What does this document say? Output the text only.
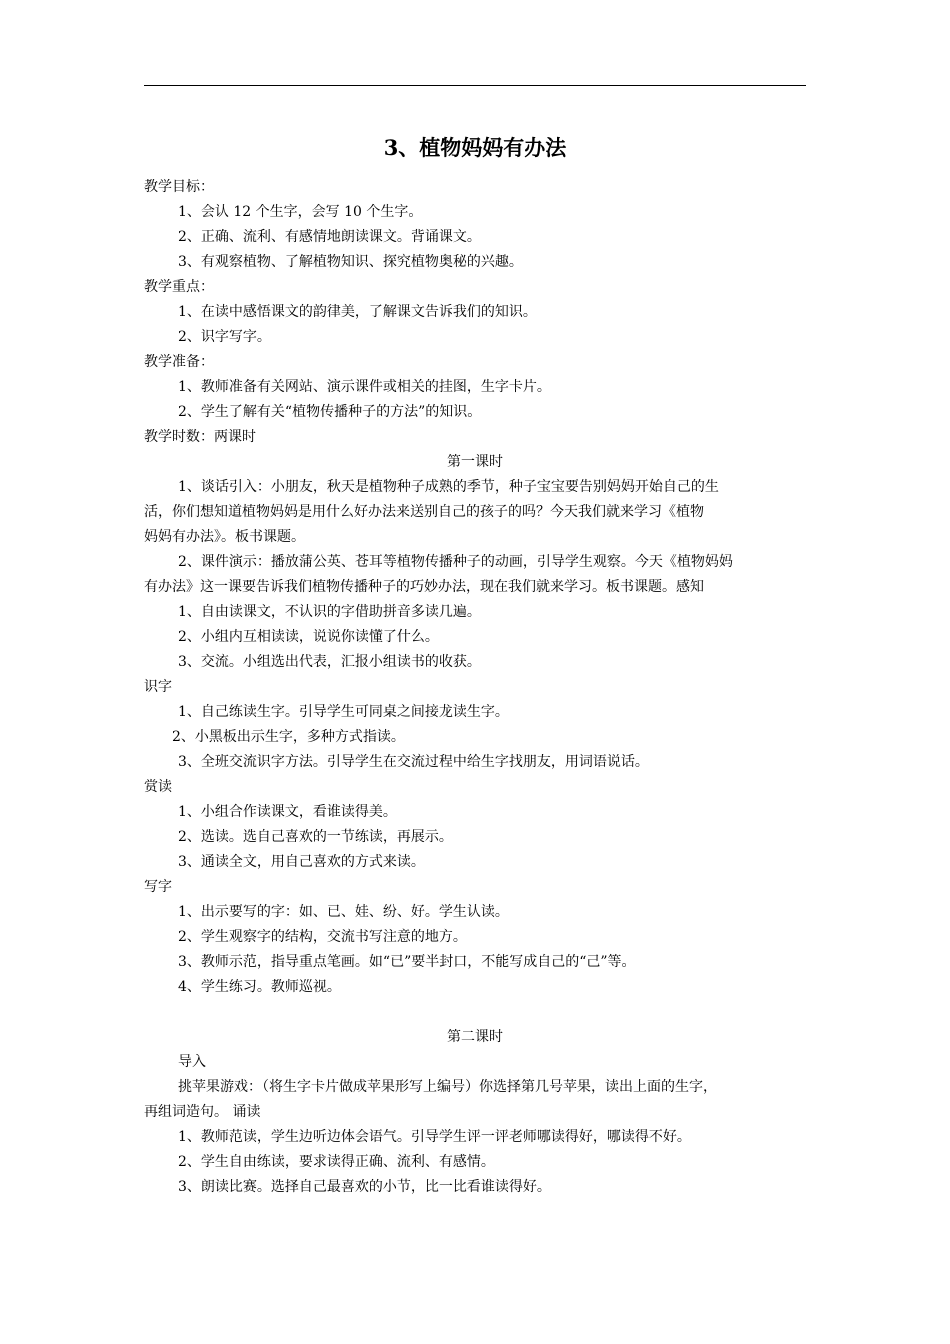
3、植物妈妈有办法
教学目标：
1、会认 12 个生字，会写 10 个生字。
2、正确、流利、有感情地朗读课文。背诵课文。
3、有观察植物、了解植物知识、探究植物奥秘的兴趣。
教学重点：
1、在读中感悟课文的韵律美，了解课文告诉我们的知识。
2、识字写字。
教学准备：
1、教师准备有关网站、演示课件或相关的挂图，生字卡片。
2、学生了解有关“植物传播种子的方法”的知识。
教学时数：两课时
第一课时
1、谈话引入：小朋友，秋天是植物种子成熟的季节，种子宝宝要告别妈妈开始自己的生
活，你们想知道植物妈妈是用什么好办法来送别自己的孩子的吗？今天我们就来学习《植物
妈妈有办法》。板书课题。
2、课件演示：播放蒲公英、苍耳等植物传播种子的动画，引导学生观察。今天《植物妈妈
有办法》这一课要告诉我们植物传播种子的巧妙办法，现在我们就来学习。板书课题。感知
1、自由读课文，不认识的字借助拼音多读几遍。
2、小组内互相读读，说说你读懂了什么。
3、交流。小组选出代表，汇报小组读书的收获。
识字
1、自己练读生字。引导学生可同桌之间接龙读生字。
2、小黑板出示生字，多种方式指读。
3、全班交流识字方法。引导学生在交流过程中给生字找朋友，用词语说话。
赏读
1、小组合作读课文，看谁读得美。
2、选读。选自己喜欢的一节练读，再展示。
3、通读全文，用自己喜欢的方式来读。
写字
1、出示要写的字：如、已、娃、纷、好。学生认读。
2、学生观察字的结构，交流书写注意的地方。
3、教师示范，指导重点笔画。如“已”要半封口，不能写成自己的“己”等。
4、学生练习。教师巡视。
第二课时
导入
挑苹果游戏：（将生字卡片做成苹果形写上编号）你选择第几号苹果，读出上面的生字，
再组词造句。 诵读
1、教师范读，学生边听边体会语气。引导学生评一评老师哪读得好，哪读得不好。
2、学生自由练读，要求读得正确、流利、有感情。
3、朗读比赛。选择自己最喜欢的小节，比一比看谁读得好。
